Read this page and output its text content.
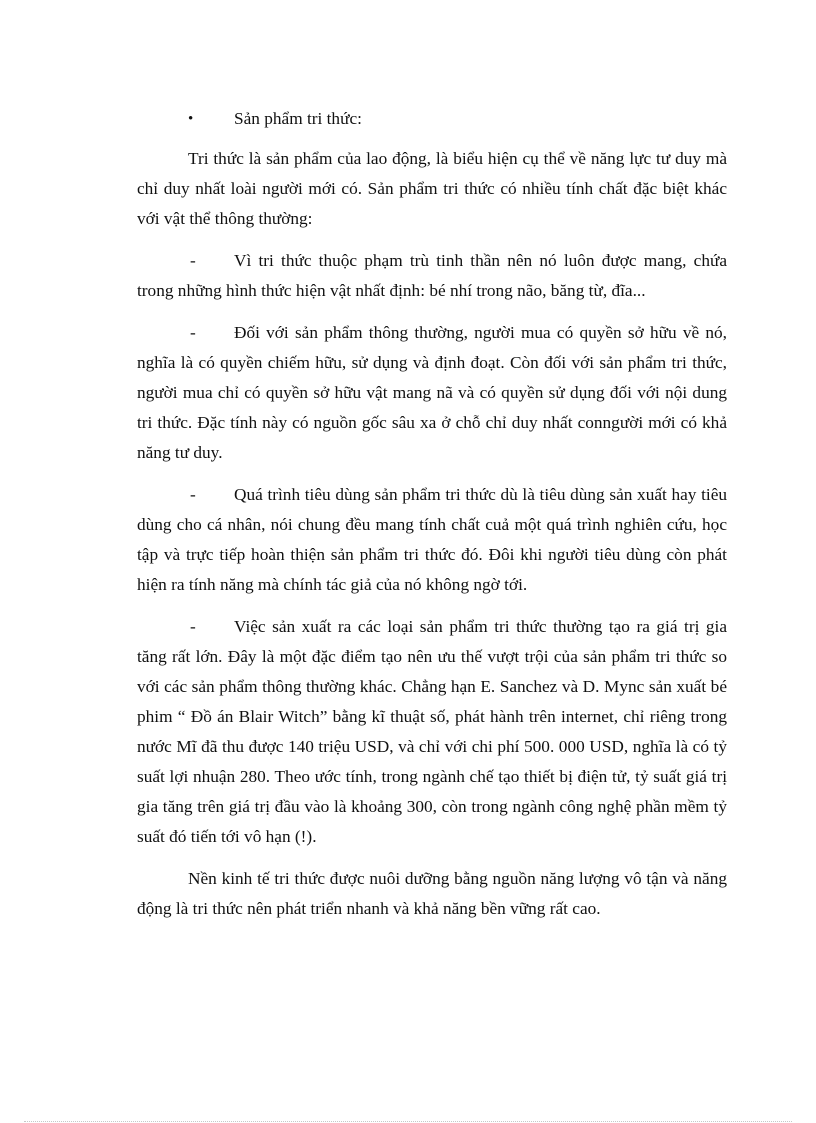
• Sản phẩm tri thức:

Tri thức là sản phẩm của lao động, là biểu hiện cụ thể về năng lực tư duy mà chỉ duy nhất loài người mới có. Sản phẩm tri thức có nhiều tính chất đặc biệt khác với vật thể thông thường:

- Vì tri thức thuộc phạm trù tinh thần nên nó luôn được mang, chứa trong những hình thức hiện vật nhất định: bé nhí trong não, băng từ, đĩa...

- Đối với sản phẩm thông thường, người mua có quyền sở hữu về nó, nghĩa là có quyền chiếm hữu, sử dụng và định đoạt. Còn đối với sản phẩm tri thức, người mua chỉ có quyền sở hữu vật mang nã và có quyền sử dụng đối với nội dung tri thức. Đặc tính này có nguồn gốc sâu xa ở chỗ chỉ duy nhất conngười mới có khả năng tư duy.

- Quá trình tiêu dùng sản phẩm tri thức dù là tiêu dùng sản xuất hay tiêu dùng cho cá nhân, nói chung đều mang tính chất cuả một quá trình nghiên cứu, học tập và trực tiếp hoàn thiện sản phẩm tri thức đó. Đôi khi người tiêu dùng còn phát hiện ra tính năng mà chính tác giả của nó không ngờ tới.

- Việc sản xuất ra các loại sản phẩm tri thức thường tạo ra giá trị gia tăng rất lớn. Đây là một đặc điểm tạo nên ưu thế vượt trội của sản phẩm tri thức so với các sản phẩm thông thường khác. Chẳng hạn E. Sanchez và D. Mync sản xuất bé phim “ Đồ án Blair Witch” bằng kĩ thuật số, phát hành trên internet, chỉ riêng trong nước Mĩ đã thu được 140 triệu USD, và chỉ với chi phí 500. 000 USD, nghĩa là có tỷ suất lợi nhuận 280. Theo ước tính, trong ngành chế tạo thiết bị điện tử, tỷ suất giá trị gia tăng trên giá trị đầu vào là khoảng 300, còn trong ngành công nghệ phần mềm tỷ suất đó tiến tới vô hạn (!).

Nền kinh tế tri thức được nuôi dưỡng bằng nguồn năng lượng vô tận và năng động là tri thức nên phát triển nhanh và khả năng bền vững rất cao.
